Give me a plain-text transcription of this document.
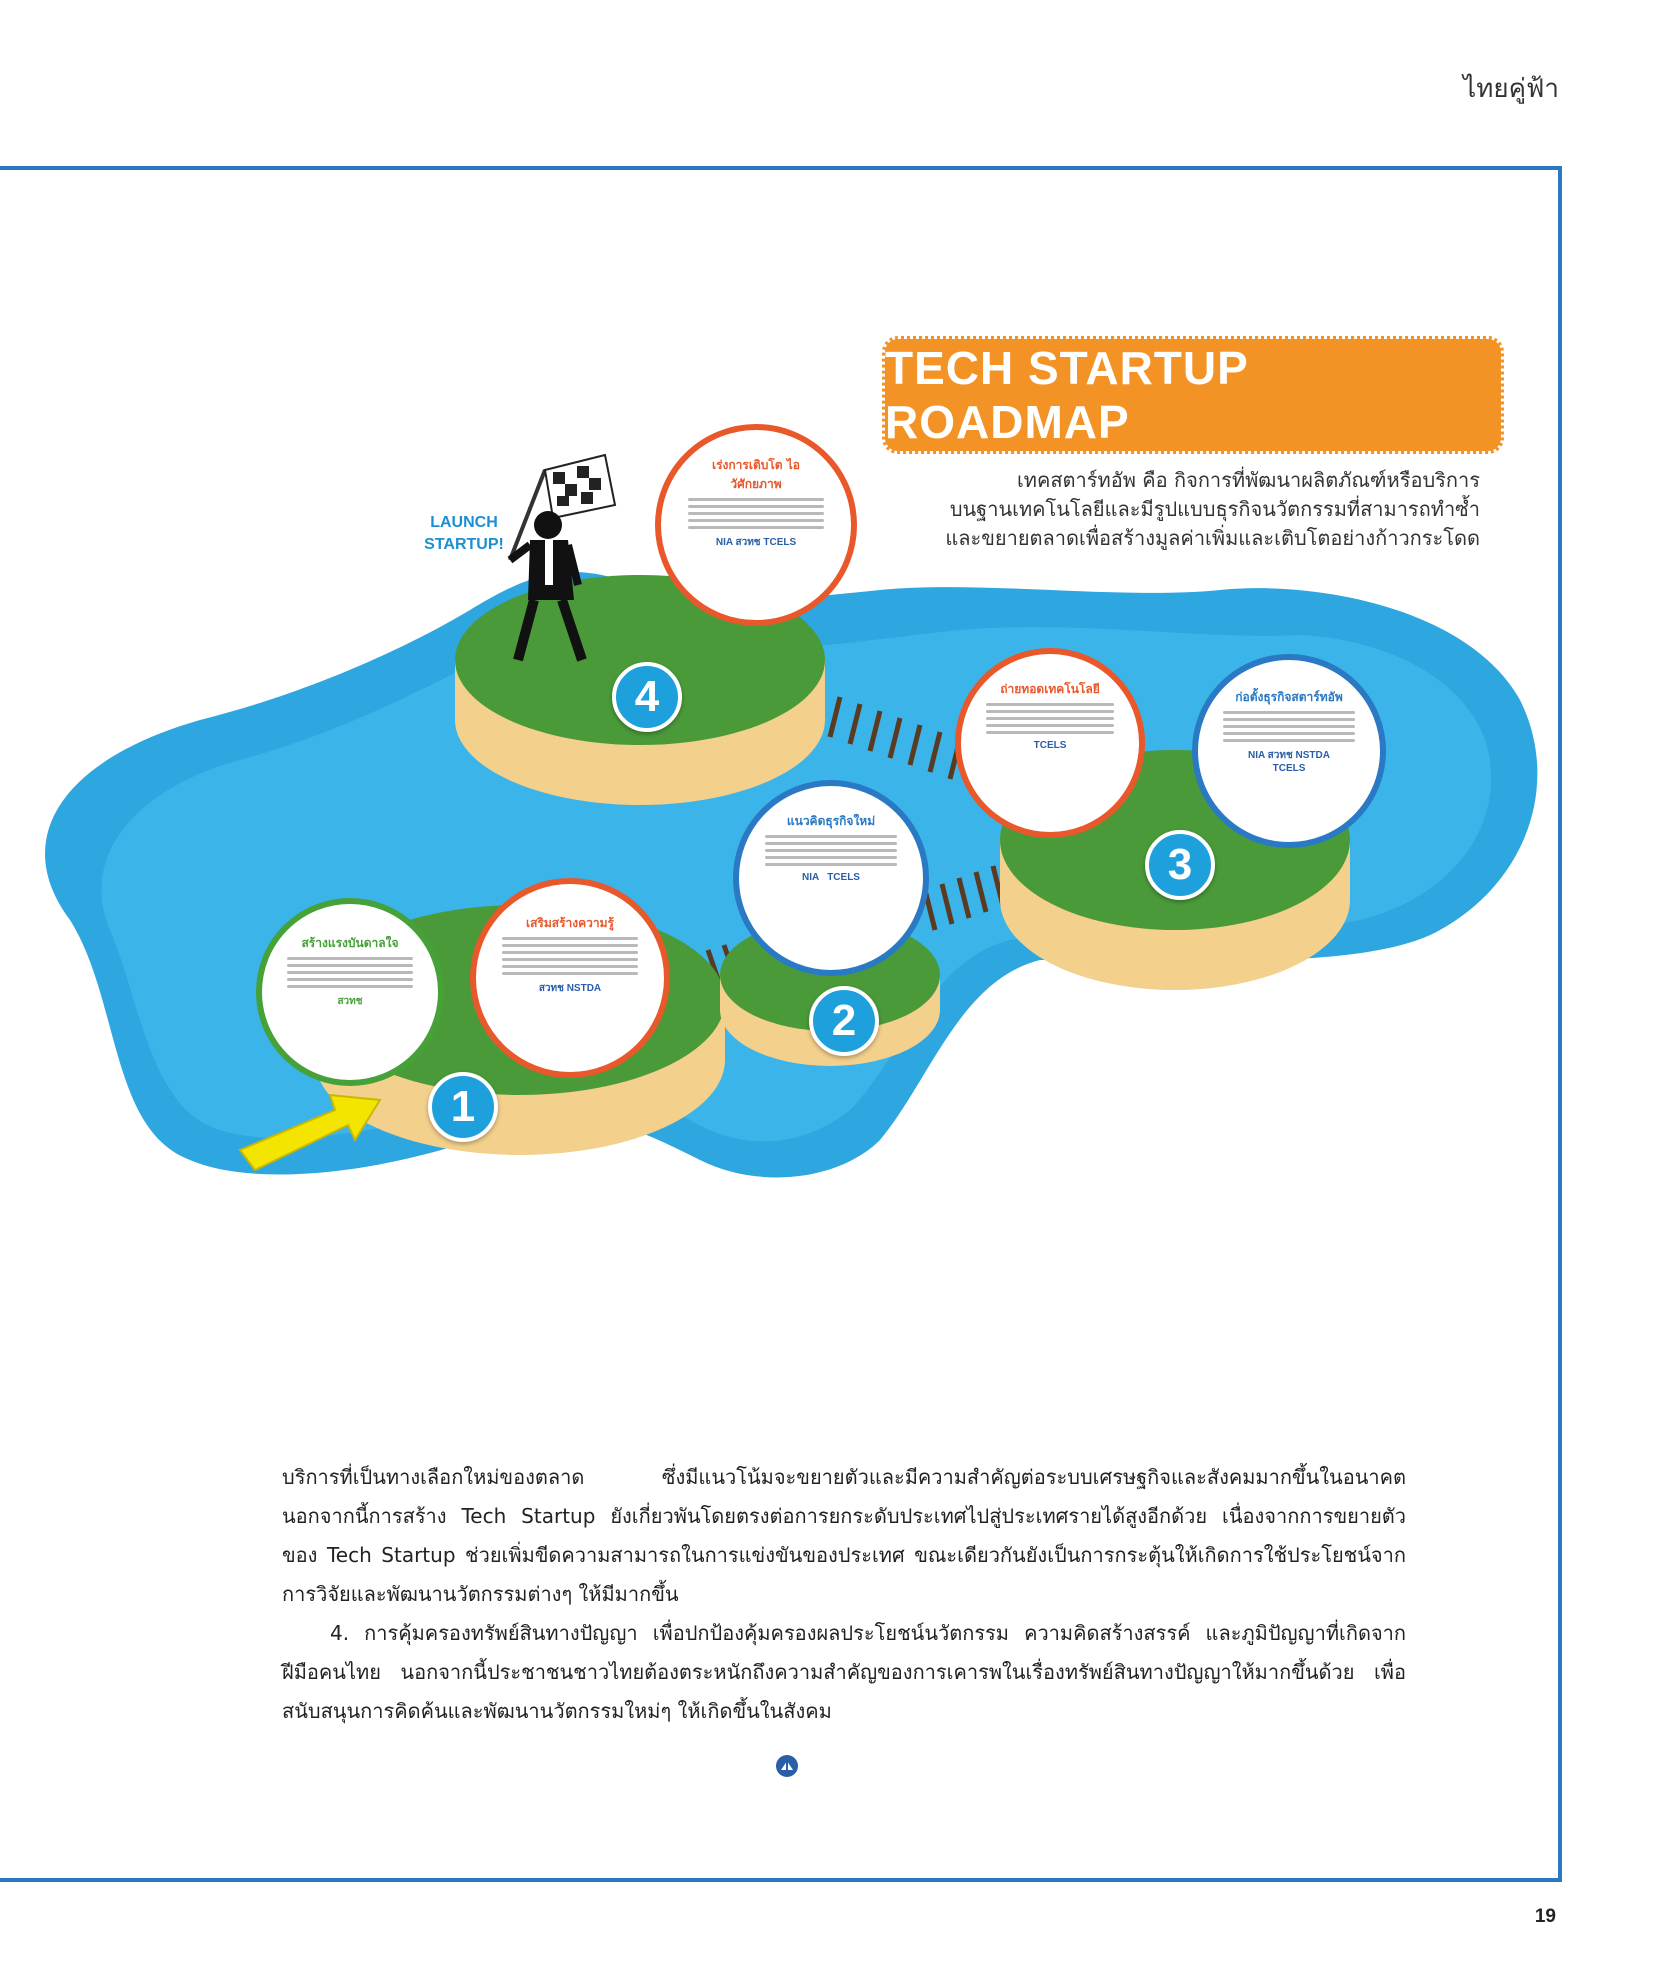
ไทยคู่ฟ้า
TECH STARTUP ROADMAP
เทคสตาร์ทอัพ คือ กิจการที่พัฒนาผลิตภัณฑ์หรือบริการ
บนฐานเทคโนโลยีและมีรูปแบบธุรกิจนวัตกรรมที่สามารถทำซ้ำ
และขยายตลาดเพื่อสร้างมูลค่าเพิ่มและเติบโตอย่างก้าวกระโดด
LAUNCH
STARTUP!
สร้างแรงบันดาลใจ
สวทช
เสริมสร้างความรู้
สวทช NSTDA
แนวคิดธุรกิจใหม่
NIA TCELS
ถ่ายทอดเทคโนโลยี
TCELS
ก่อตั้งธุรกิจสตาร์ทอัพ
NIA สวทช NSTDA
TCELS
เร่งการเติบโต ไอวัศักยภาพ
NIA สวทช TCELS
1
2
3
4

บริการที่เป็นทางเลือกใหม่ของตลาด ซึ่งมีแนวโน้มจะขยายตัวและมีความสำคัญต่อระบบเศรษฐกิจและสังคมมากขึ้นในอนาคต นอกจากนี้การสร้าง Tech Startup ยังเกี่ยวพันโดยตรงต่อการยกระดับประเทศไปสู่ประเทศรายได้สูงอีกด้วย เนื่องจากการขยายตัวของ Tech Startup ช่วยเพิ่มขีดความสามารถในการแข่งขันของประเทศ ขณะเดียวกันยังเป็นการกระตุ้นให้เกิดการใช้ประโยชน์จากการวิจัยและพัฒนานวัตกรรมต่างๆ ให้มีมากขึ้น

4. การคุ้มครองทรัพย์สินทางปัญญา เพื่อปกป้องคุ้มครองผลประโยชน์นวัตกรรม ความคิดสร้างสรรค์ และภูมิปัญญาที่เกิดจากฝีมือคนไทย นอกจากนี้ประชาชนชาวไทยต้องตระหนักถึงความสำคัญของการเคารพในเรื่องทรัพย์สินทางปัญญาให้มากขึ้นด้วย เพื่อสนับสนุนการคิดค้นและพัฒนานวัตกรรมใหม่ๆ ให้เกิดขึ้นในสังคม

19
